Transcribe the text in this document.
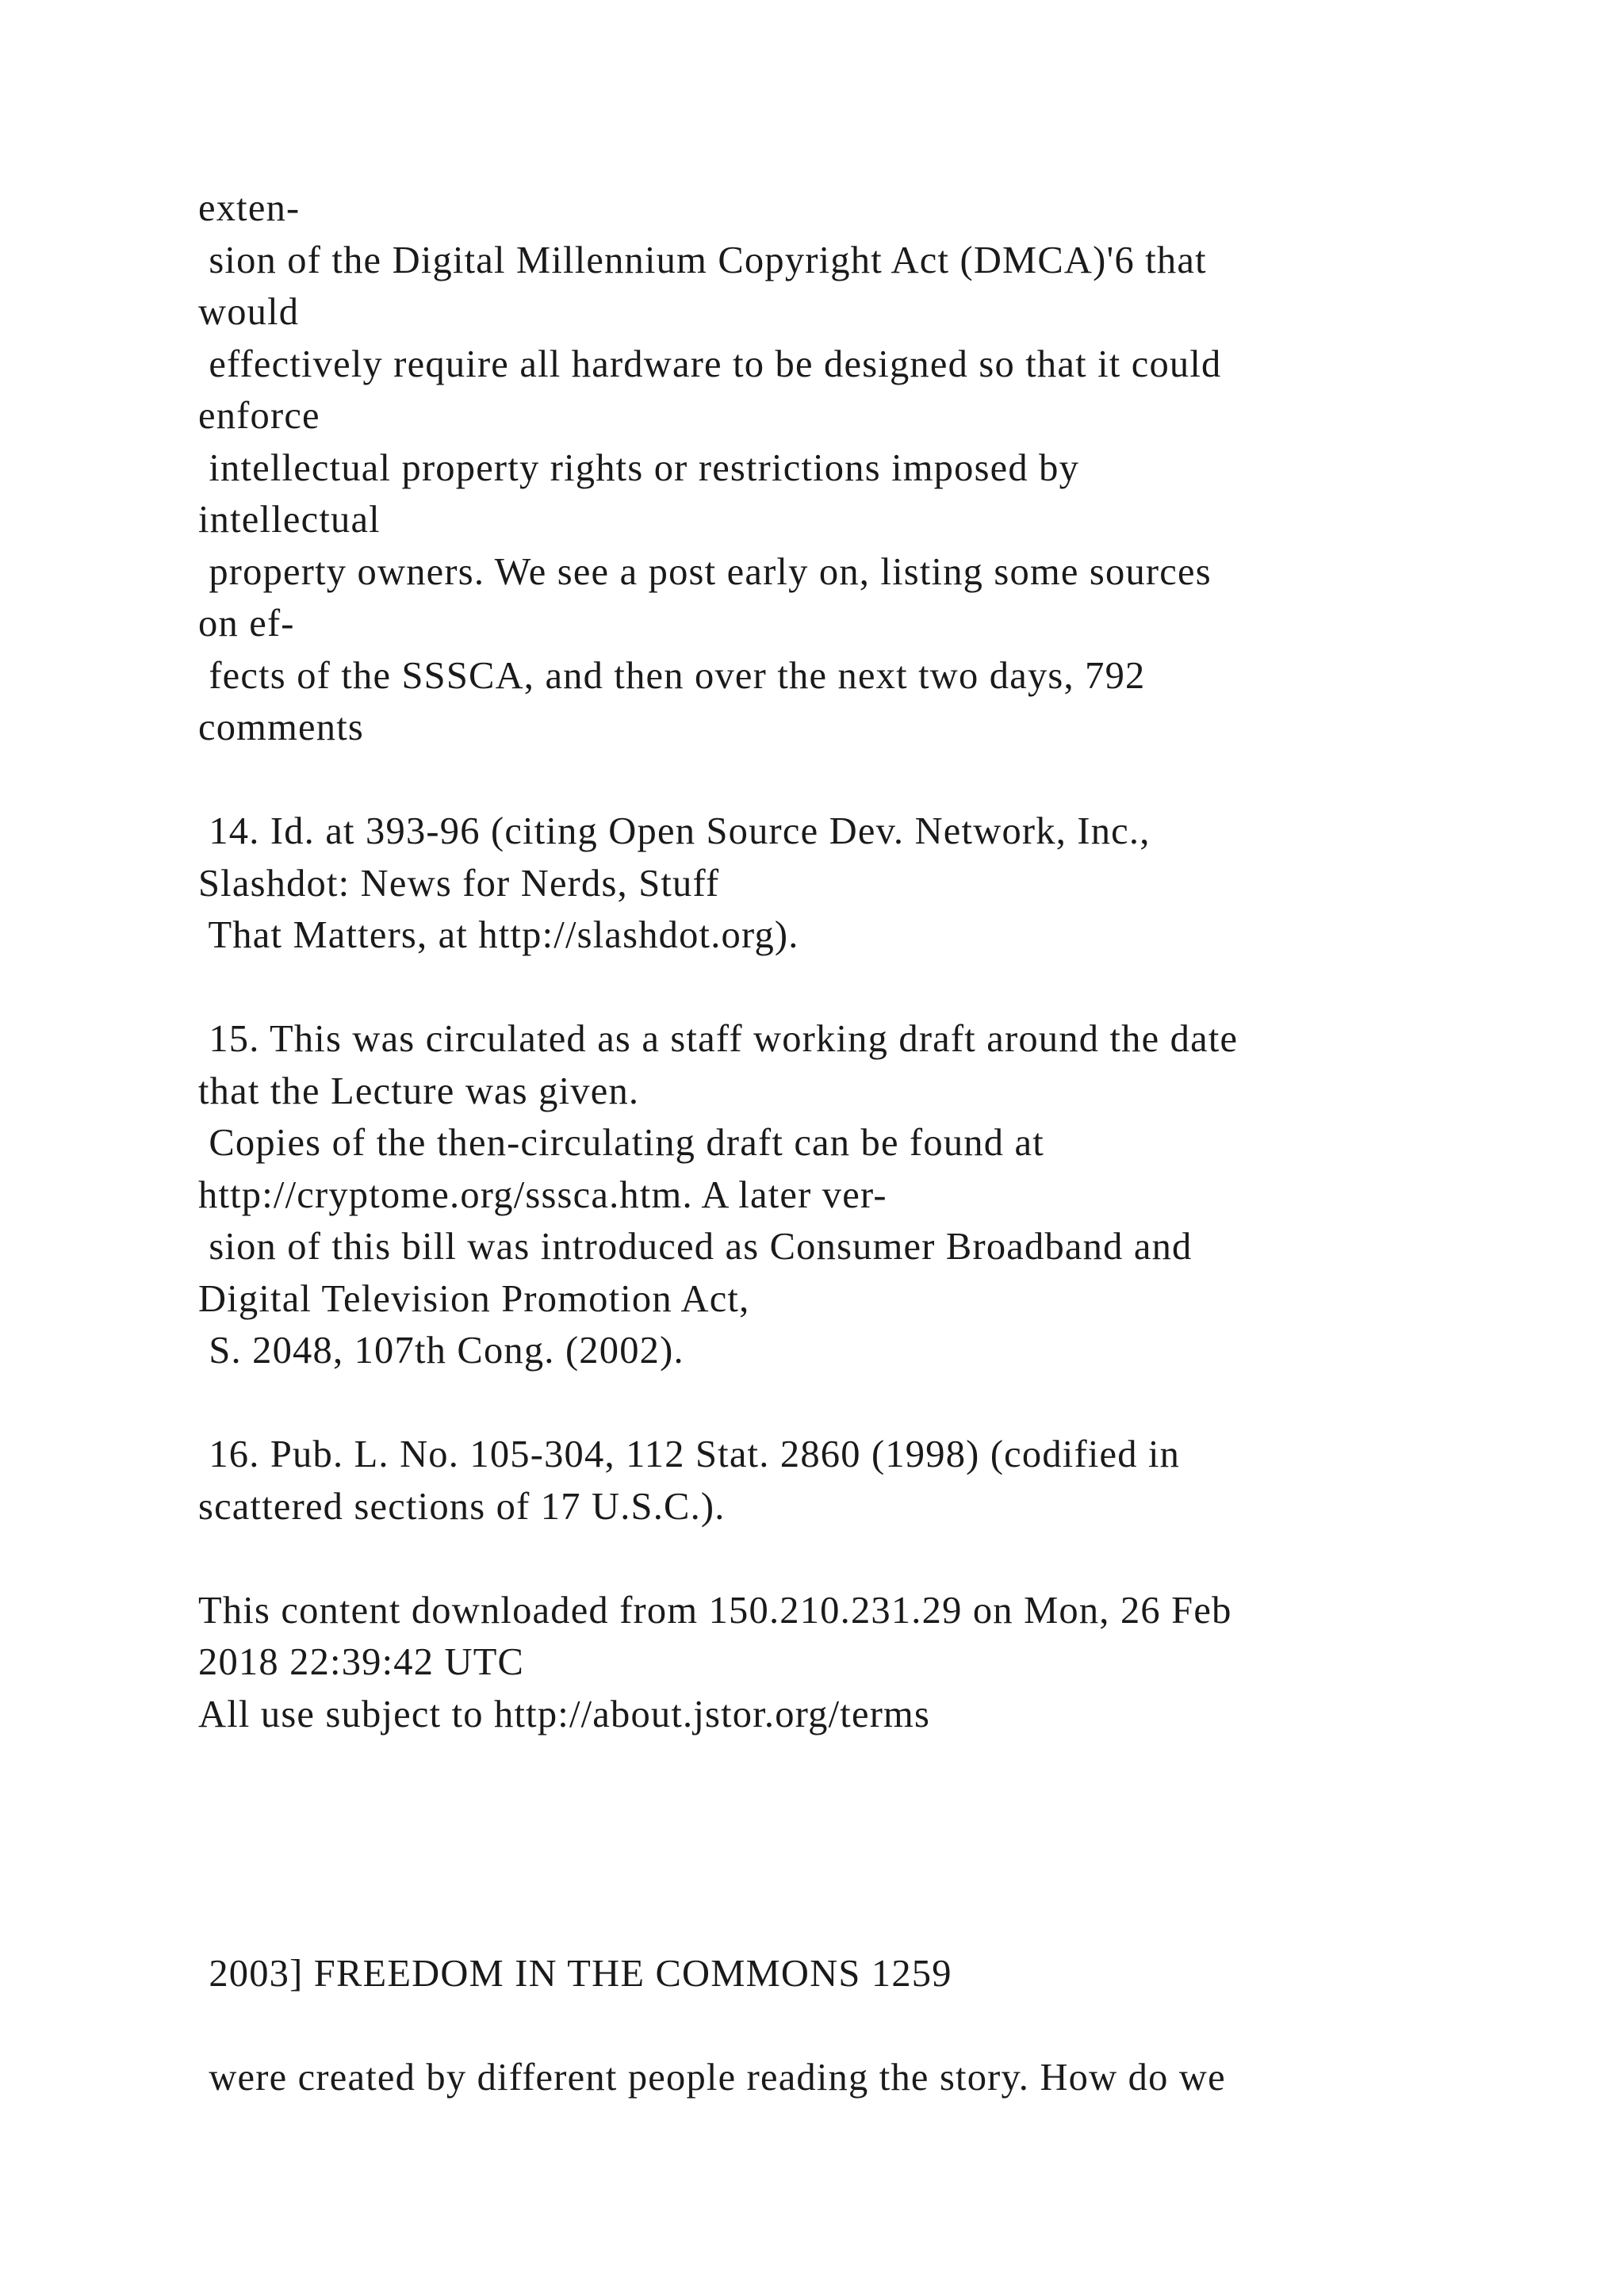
exten-
sion of the Digital Millennium Copyright Act (DMCA)'6 that
would
effectively require all hardware to be designed so that it could
enforce
intellectual property rights or restrictions imposed by
intellectual
property owners. We see a post early on, listing some sources
on ef-
fects of the SSSCA, and then over the next two days, 792
comments
14. Id. at 393-96 (citing Open Source Dev. Network, Inc.,
Slashdot: News for Nerds, Stuff
That Matters, at http://slashdot.org).
15. This was circulated as a staff working draft around the date
that the Lecture was given.
Copies of the then-circulating draft can be found at
http://cryptome.org/sssca.htm. A later ver-
sion of this bill was introduced as Consumer Broadband and
Digital Television Promotion Act,
S. 2048, 107th Cong. (2002).
16. Pub. L. No. 105-304, 112 Stat. 2860 (1998) (codified in
scattered sections of 17 U.S.C.).
This content downloaded from 150.210.231.29 on Mon, 26 Feb
2018 22:39:42 UTC
All use subject to http://about.jstor.org/terms
2003] FREEDOM IN THE COMMONS 1259
were created by different people reading the story. How do we
